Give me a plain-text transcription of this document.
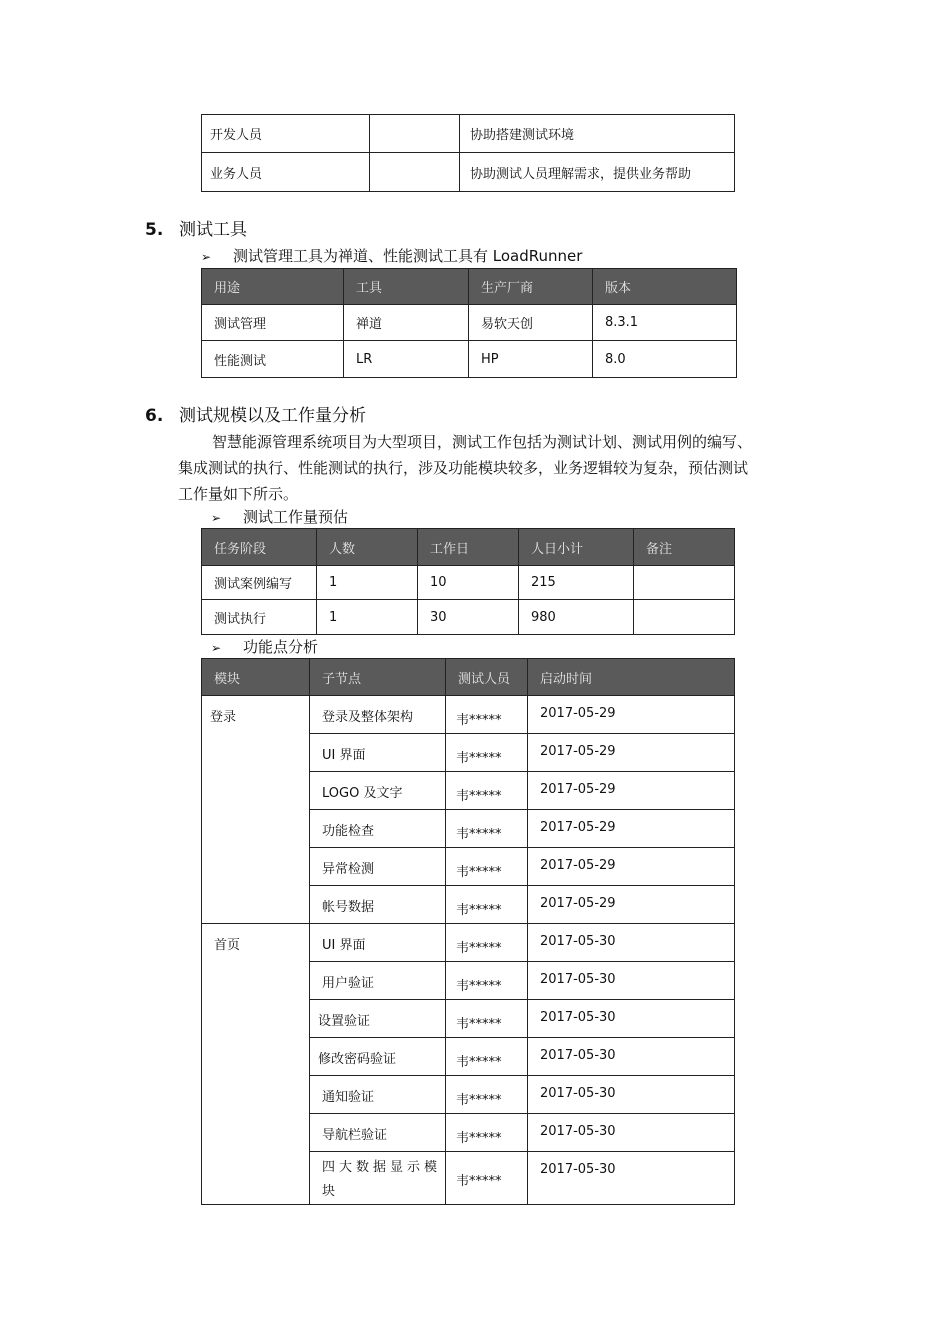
开发人员		协助搭建测试环境
业务人员		协助测试人员理解需求，提供业务帮助
5. 测试工具
➢ 测试管理工具为禅道、性能测试工具有 LoadRunner
用途	工具	生产厂商	版本
测试管理	禅道	易软天创	8.3.1
性能测试	LR	HP	8.0
6. 测试规模以及工作量分析
智慧能源管理系统项目为大型项目，测试工作包括为测试计划、测试用例的编写、
集成测试的执行、性能测试的执行，涉及功能模块较多，业务逻辑较为复杂，预估测试
工作量如下所示。
➢ 测试工作量预估
任务阶段	人数	工作日	人日小计	备注
测试案例编写	1	10	215	
测试执行	1	30	980	
➢ 功能点分析
模块	子节点	测试人员	启动时间
登录	登录及整体架构	韦*****	2017-05-29
	UI 界面	韦*****	2017-05-29
	LOGO 及文字	韦*****	2017-05-29
	功能检查	韦*****	2017-05-29
	异常检测	韦*****	2017-05-29
	帐号数据	韦*****	2017-05-29
首页	UI 界面	韦*****	2017-05-30
	用户验证	韦*****	2017-05-30
	设置验证	韦*****	2017-05-30
	修改密码验证	韦*****	2017-05-30
	通知验证	韦*****	2017-05-30
	导航栏验证	韦*****	2017-05-30
	四大数据显示模块	韦*****	2017-05-30
